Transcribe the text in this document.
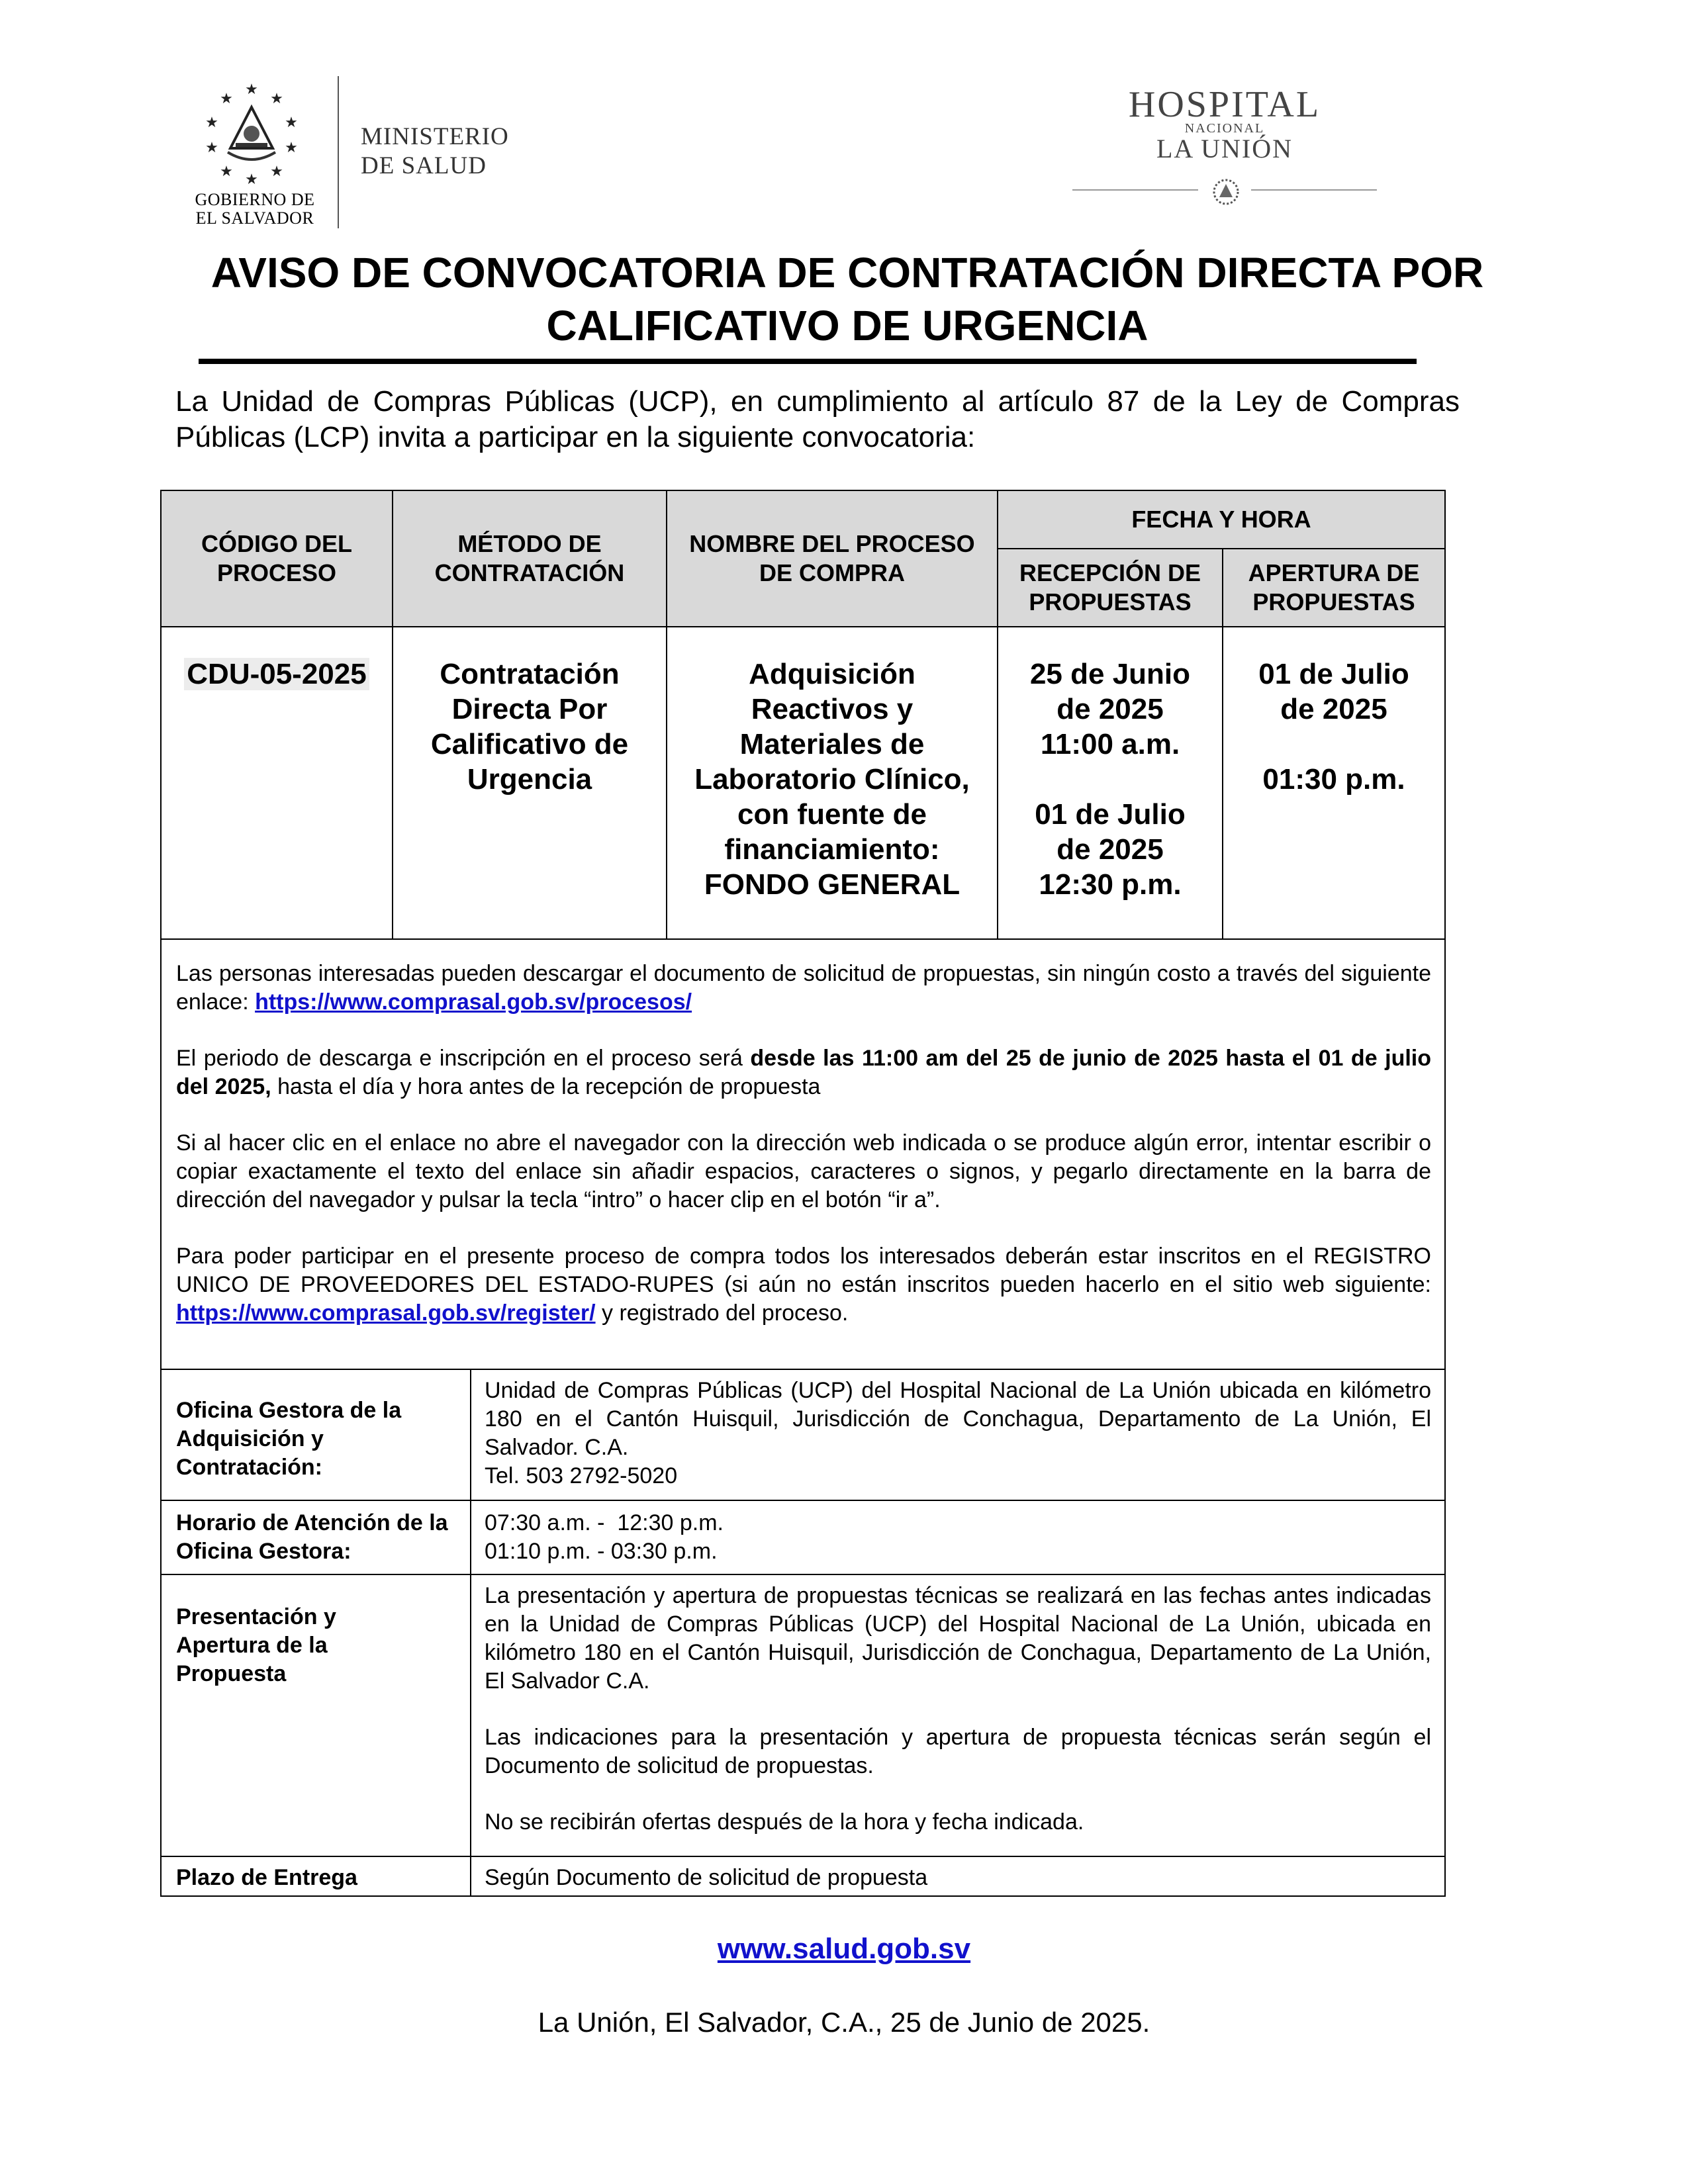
★
★
★
★
★
★
★
★
★ ★
GOBIERNO DE
EL SALVADOR
MINISTERIO
DE SALUD
HOSPITAL
NACIONAL
LA UNIÓN
AVISO DE CONVOCATORIA DE CONTRATACIÓN DIRECTA POR CALIFICATIVO DE URGENCIA
La Unidad de Compras Públicas (UCP), en cumplimiento al artículo 87 de la Ley de Compras Públicas (LCP) invita a participar en la siguiente convocatoria:
CÓDIGO DEL PROCESO
MÉTODO DE CONTRATACIÓN
NOMBRE DEL PROCESO DE COMPRA
FECHA Y HORA
RECEPCIÓN DE PROPUESTAS
APERTURA DE PROPUESTAS
CDU-05-2025	Contratación Directa Por Calificativo de Urgencia
Adquisición Reactivos y Materiales de Laboratorio Clínico, con fuente de financiamiento: FONDO GENERAL
25 de Junio de 2025
11:00 a.m.
01 de Julio de 2025
12:30 p.m.
01 de Julio de 2025
01:30 p.m.

Las personas interesadas pueden descargar el documento de solicitud de propuestas, sin ningún costo a través del siguiente enlace: https://www.comprasal.gob.sv/procesos/

El periodo de descarga e inscripción en el proceso será desde las 11:00 am del 25 de junio de 2025 hasta el 01 de julio del 2025, hasta el día y hora antes de la recepción de propuesta

Si al hacer clic en el enlace no abre el navegador con la dirección web indicada o se produce algún error, intentar escribir o copiar exactamente el texto del enlace sin añadir espacios, caracteres o signos, y pegarlo directamente en la barra de dirección del navegador y pulsar la tecla “intro” o hacer clip en el botón “ir a”.

Para poder participar en el presente proceso de compra todos los interesados deberán estar inscritos en el REGISTRO UNICO DE PROVEEDORES DEL ESTADO-RUPES (si aún no están inscritos pueden hacerlo en el sitio web siguiente: https://www.comprasal.gob.sv/register/ y registrado del proceso.

Oficina Gestora de la Adquisición y Contratación:
Unidad de Compras Públicas (UCP) del Hospital Nacional de La Unión ubicada en kilómetro 180 en el Cantón Huisquil, Jurisdicción de Conchagua, Departamento de La Unión, El Salvador. C.A.
Tel. 503 2792-5020
Horario de Atención de la Oficina Gestora:
07:30 a.m. -  12:30 p.m.
01:10 p.m. - 03:30 p.m.
Presentación y Apertura de la Propuesta

La presentación y apertura de propuestas técnicas se realizará en las fechas antes indicadas en la Unidad de Compras Públicas (UCP) del Hospital Nacional de La Unión, ubicada en kilómetro 180 en el Cantón Huisquil, Jurisdicción de Conchagua, Departamento de La Unión, El Salvador C.A.

Las indicaciones para la presentación y apertura de propuesta técnicas serán según el Documento de solicitud de propuestas.

No se recibirán ofertas después de la hora y fecha indicada.

Plazo de Entrega	Según Documento de solicitud de propuesta
www.salud.gob.sv
La Unión, El Salvador, C.A., 25 de Junio de 2025.
